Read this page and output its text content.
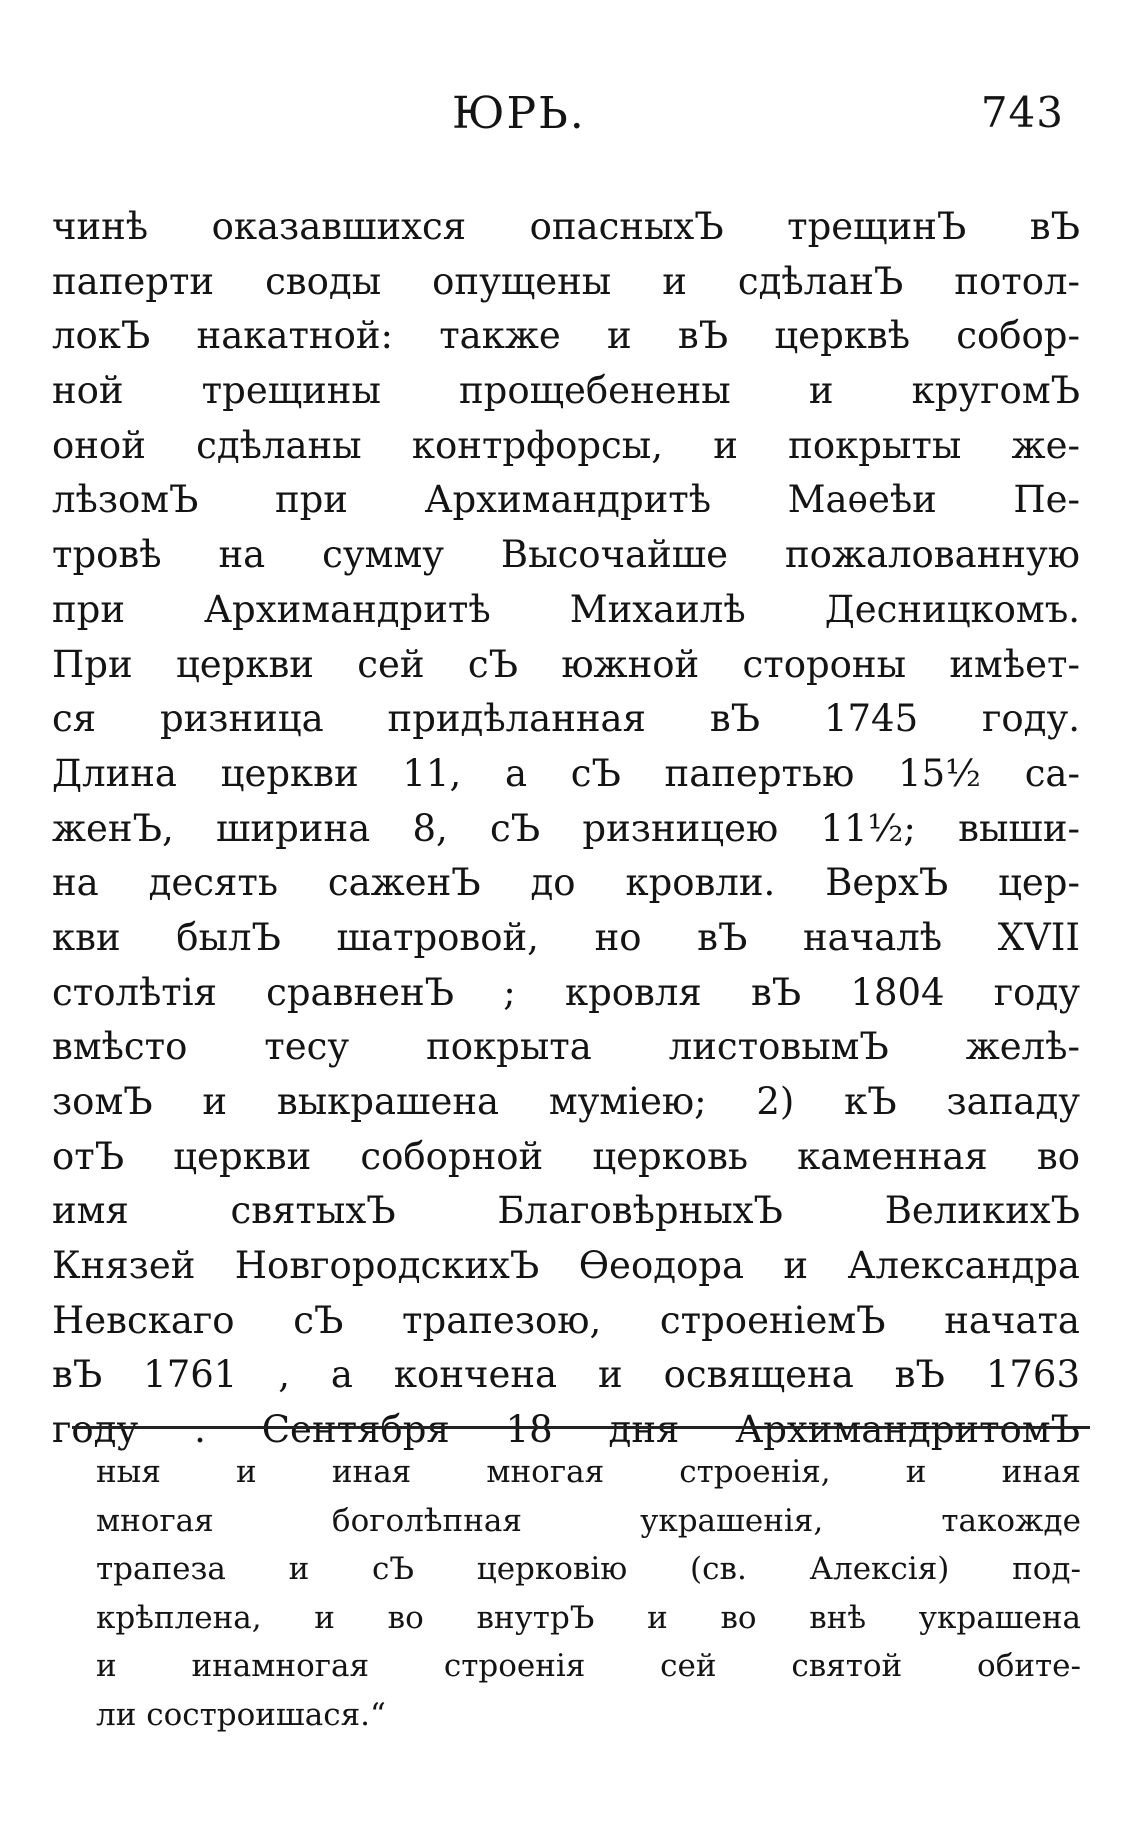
ЮРЬ.	743
чинѣ оказавшихся опасныхЪ трещинЪ вЪ
паперти своды опущены и сдѣланЪ потол-
локЪ накатной: также и вЪ церквѣ собор-
ной трещины прощебенены и кругомЪ
оной сдѣланы контрфорсы, и покрыты же-
лѣзомЪ при Архимандритѣ Маѳеѣи Пе-
тровѣ на сумму Высочайше пожалованную
при Архимандритѣ Михаилѣ Десницкомъ.
При церкви сей сЪ южной стороны имѣет-
ся ризница придѣланная вЪ 1745 году.
Длина церкви 11, а сЪ папертью 15½ са-
женЪ, ширина 8, сЪ ризницею 11½; выши-
на десять саженЪ до кровли. ВерхЪ цер-
кви былЪ шатровой, но вЪ началѣ XVII
столѣтія сравненЪ ; кровля вЪ 1804 году
вмѣсто тесу покрыта листовымЪ желѣ-
зомЪ и выкрашена муміею; 2) кЪ западу
отЪ церкви соборной церковь каменная во
имя святыхЪ БлаговѣрныхЪ ВеликихЪ
Князей НовгородскихЪ Ѳеодора и Александра
Невскаго сЪ трапезою, строеніемЪ начата
вЪ 1761 , а кончена и освящена вЪ 1763
году . Сентября 18 дня АрхимандритомЪ
ныя и иная многая строенія, и иная
многая боголѣпная украшенія, такожде
трапеза и сЪ церковію (св. Алексія) под-
крѣплена, и во внутрЪ и во внѣ украшена
и инамногая строенія сей святой обите-
ли состроишася.“
